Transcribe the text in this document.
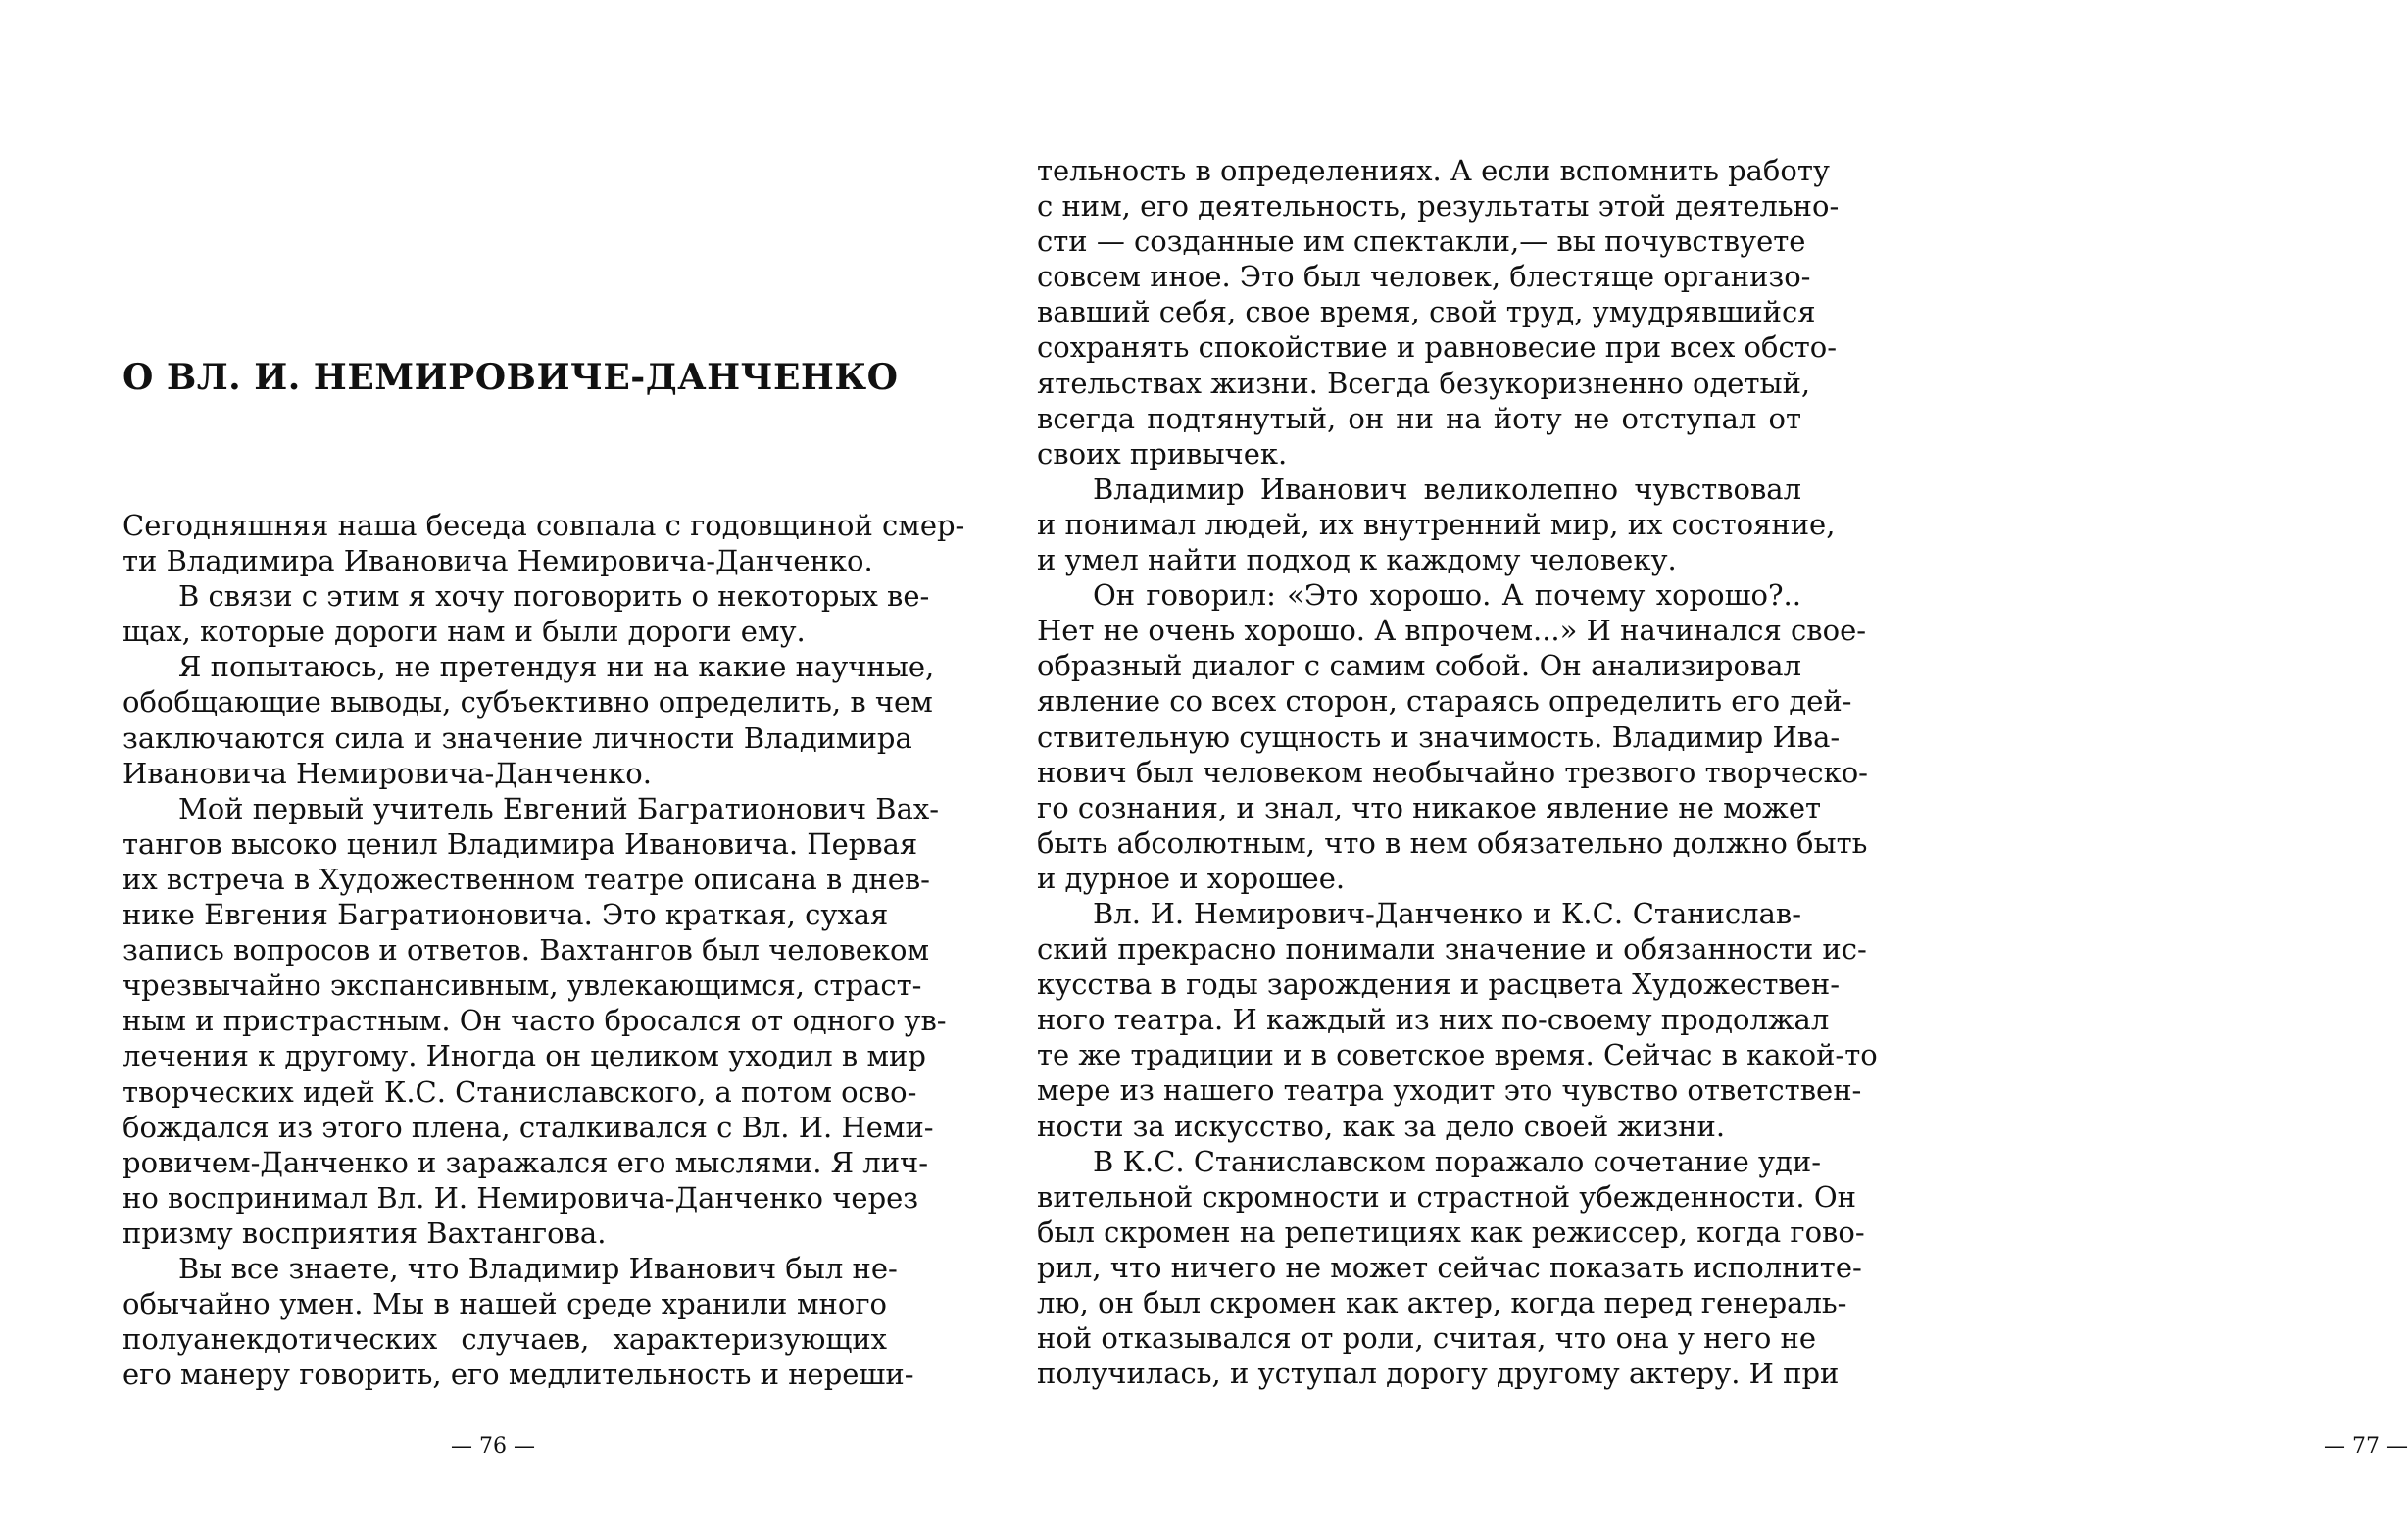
О ВЛ. И. НЕМИРОВИЧЕ-ДАНЧЕНКО
Сегодняшняя наша беседа совпала с годовщиной смер-
ти Владимира Ивановича Немировича-Данченко.
В связи с этим я хочу поговорить о некоторых ве-
щах, которые дороги нам и были дороги ему.
Я попытаюсь, не претендуя ни на какие научные,
обобщающие выводы, субъективно определить, в чем
заключаются сила и значение личности Владимира
Ивановича Немировича-Данченко.
Мой первый учитель Евгений Багратионович Вах-
тангов высоко ценил Владимира Ивановича. Первая
их встреча в Художественном театре описана в днев-
нике Евгения Багратионовича. Это краткая, сухая
запись вопросов и ответов. Вахтангов был человеком
чрезвычайно экспансивным, увлекающимся, страст-
ным и пристрастным. Он часто бросался от одного ув-
лечения к другому. Иногда он целиком уходил в мир
творческих идей К.С. Станиславского, а потом осво-
бождался из этого плена, сталкивался с Вл. И. Неми-
ровичем-Данченко и заражался его мыслями. Я лич-
но воспринимал Вл. И. Немировича-Данченко через
призму восприятия Вахтангова.
Вы все знаете, что Владимир Иванович был не-
обычайно умен. Мы в нашей среде хранили много
полуанекдотических случаев, характеризующих
его манеру говорить, его медлительность и нереши-
— 76 —
тельность в определениях. А если вспомнить работу
с ним, его деятельность, результаты этой деятельно-
сти — созданные им спектакли,— вы почувствуете
совсем иное. Это был человек, блестяще организо-
вавший себя, свое время, свой труд, умудрявшийся
сохранять спокойствие и равновесие при всех обсто-
ятельствах жизни. Всегда безукоризненно одетый,
всегда подтянутый, он ни на йоту не отступал от
своих привычек.
Владимир Иванович великолепно чувствовал
и понимал людей, их внутренний мир, их состояние,
и умел найти подход к каждому человеку.
Он говорил: «Это хорошо. А почему хорошо?..
Нет не очень хорошо. А впрочем...» И начинался свое-
образный диалог с самим собой. Он анализировал
явление со всех сторон, стараясь определить его дей-
ствительную сущность и значимость. Владимир Ива-
нович был человеком необычайно трезвого творческо-
го сознания, и знал, что никакое явление не может
быть абсолютным, что в нем обязательно должно быть
и дурное и хорошее.
Вл. И. Немирович-Данченко и К.С. Станислав-
ский прекрасно понимали значение и обязанности ис-
кусства в годы зарождения и расцвета Художествен-
ного театра. И каждый из них по-своему продолжал
те же традиции и в советское время. Сейчас в какой-то
мере из нашего театра уходит это чувство ответствен-
ности за искусство, как за дело своей жизни.
В К.С. Станиславском поражало сочетание уди-
вительной скромности и страстной убежденности. Он
был скромен на репетициях как режиссер, когда гово-
рил, что ничего не может сейчас показать исполните-
лю, он был скромен как актер, когда перед генераль-
ной отказывался от роли, считая, что она у него не
получилась, и уступал дорогу другому актеру. И при
— 77 —
